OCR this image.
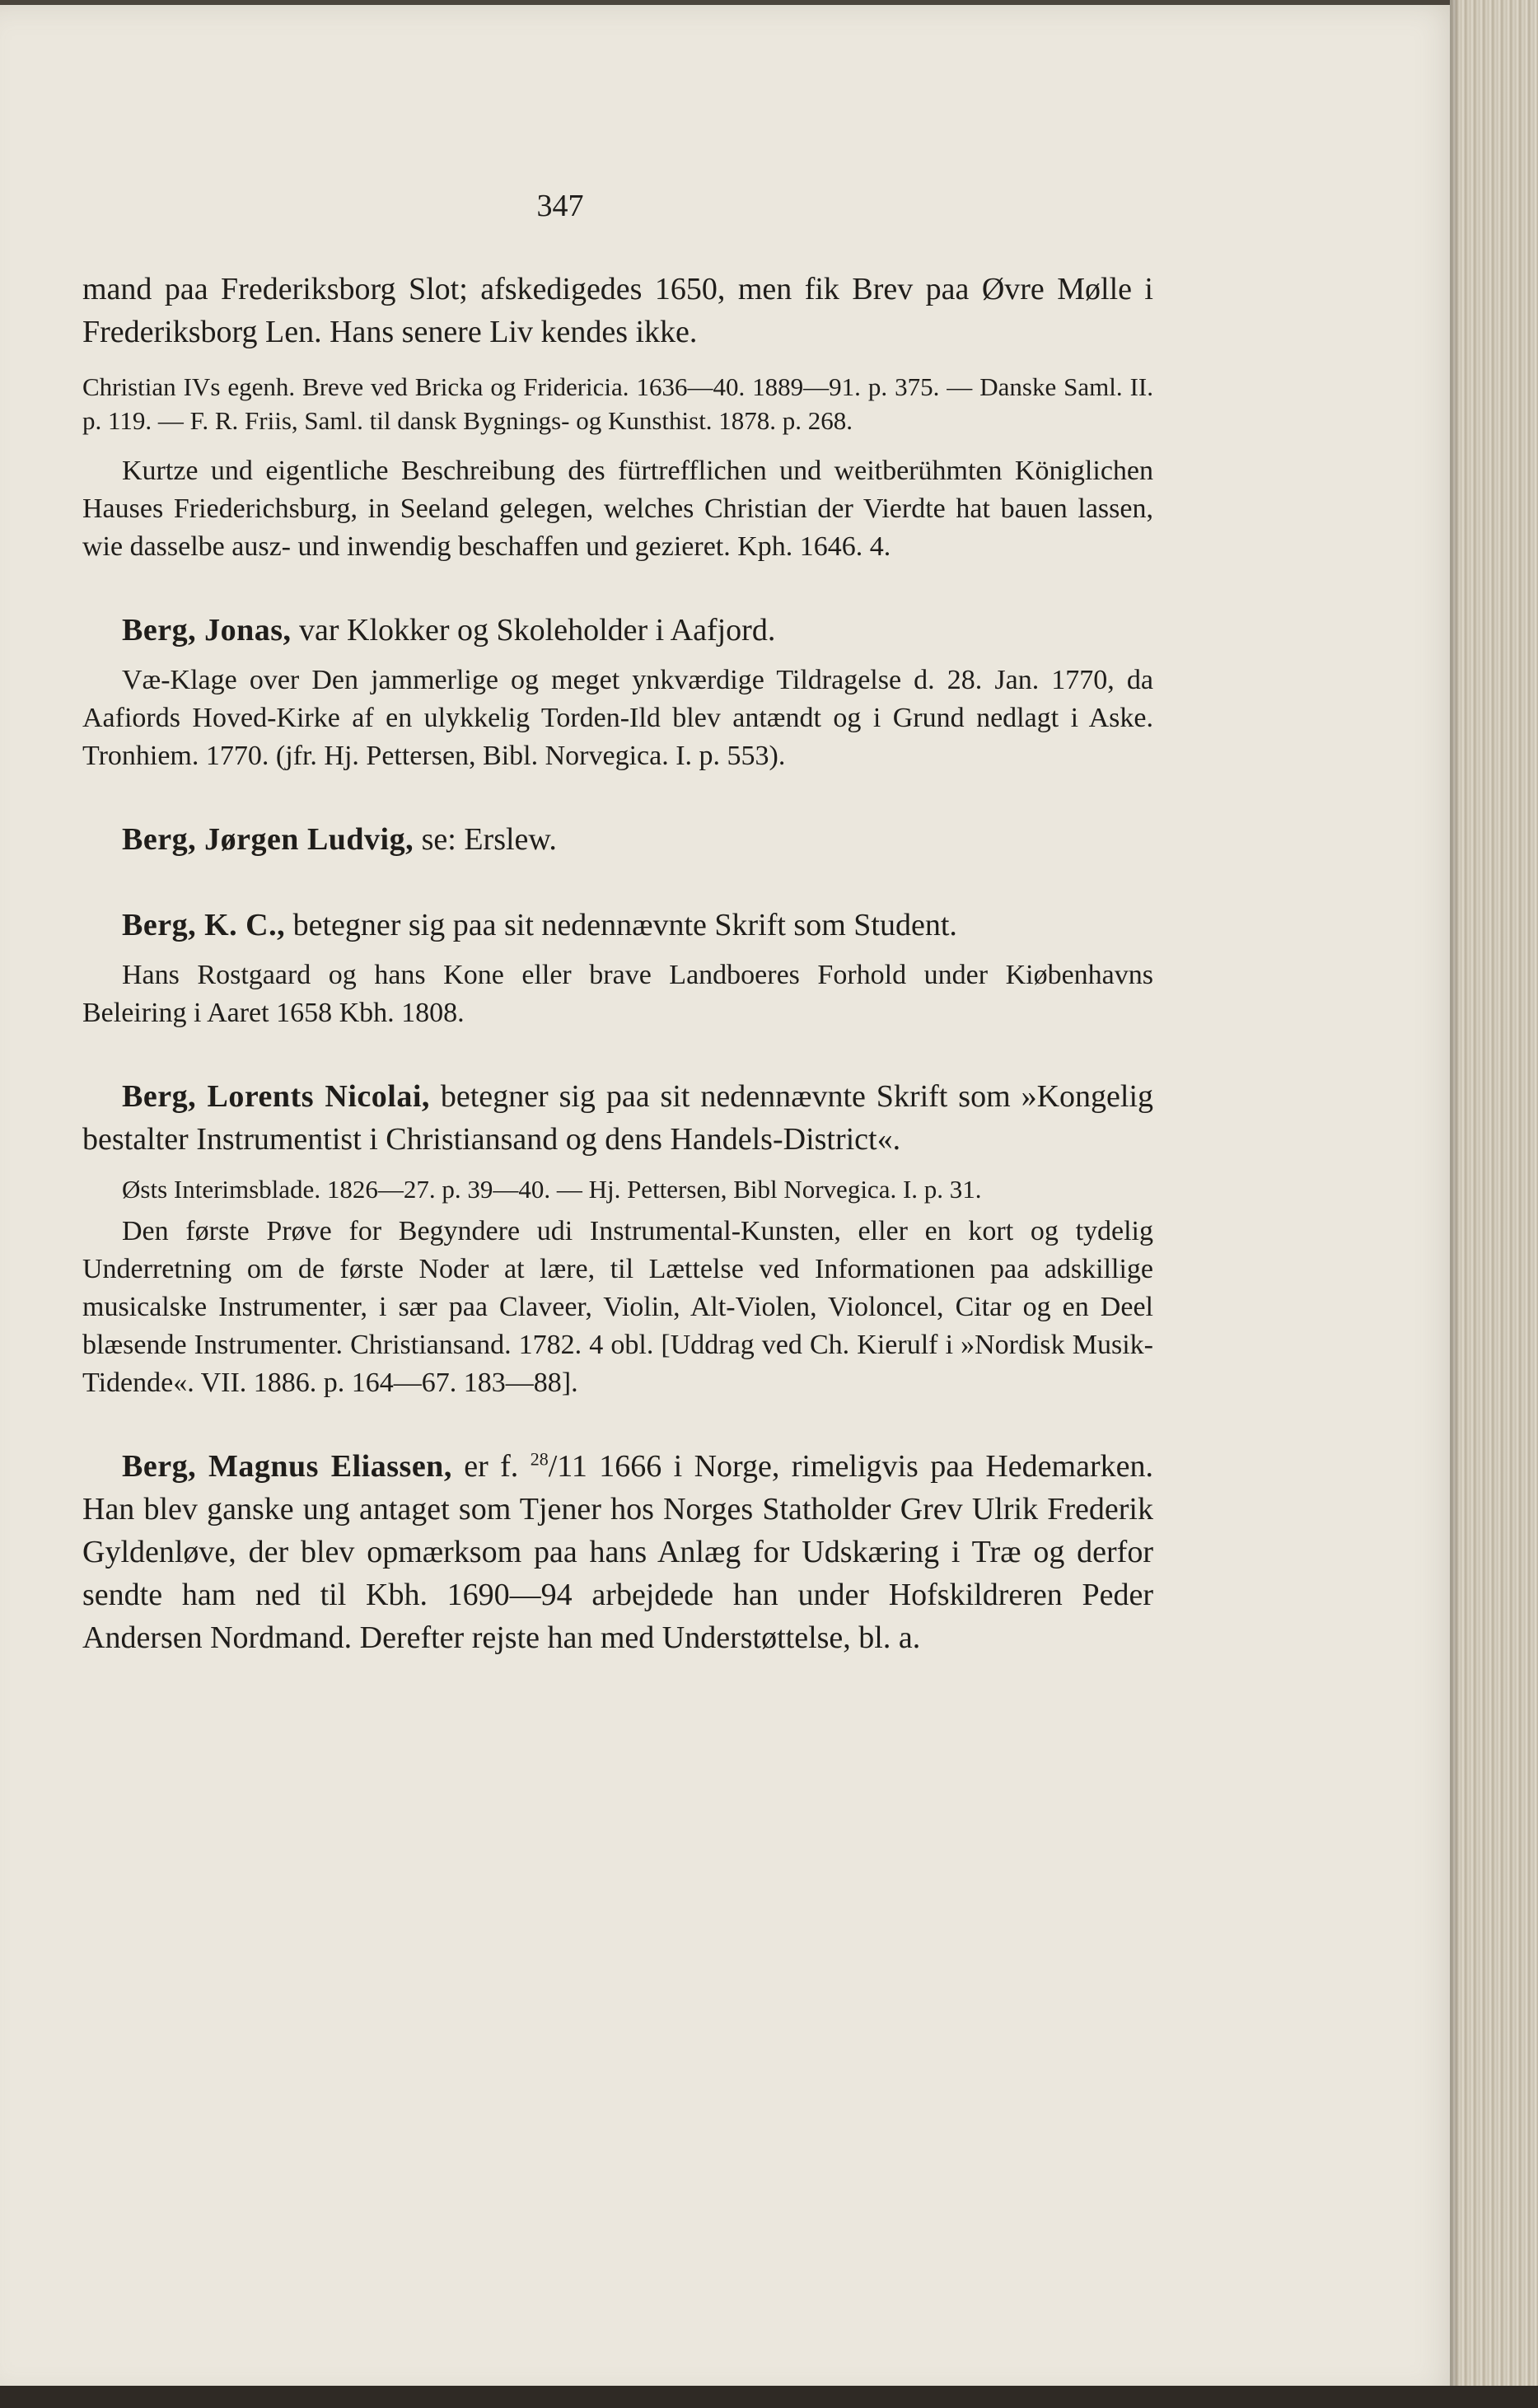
347

mand paa Frederiksborg Slot; afskedigedes 1650, men fik Brev paa Øvre Mølle i Frederiksborg Len. Hans senere Liv kendes ikke.

Christian IVs egenh. Breve ved Bricka og Fridericia. 1636—40. 1889—91. p. 375. — Danske Saml. II. p. 119. — F. R. Friis, Saml. til dansk Bygnings- og Kunsthist. 1878. p. 268.

Kurtze und eigentliche Beschreibung des fürtrefflichen und weitberühmten Königlichen Hauses Friederichsburg, in Seeland gelegen, welches Christian der Vierdte hat bauen lassen, wie dasselbe ausz- und inwendig beschaffen und gezieret. Kph. 1646. 4.

Berg, Jonas, var Klokker og Skoleholder i Aafjord.

Væ-Klage over Den jammerlige og meget ynkværdige Tildragelse d. 28. Jan. 1770, da Aafiords Hoved-Kirke af en ulykkelig Torden-Ild blev antændt og i Grund nedlagt i Aske. Tronhiem. 1770. (jfr. Hj. Pettersen, Bibl. Norvegica. I. p. 553).

Berg, Jørgen Ludvig, se: Erslew.

Berg, K. C., betegner sig paa sit nedennævnte Skrift som Student.

Hans Rostgaard og hans Kone eller brave Landboeres Forhold under Kiøbenhavns Beleiring i Aaret 1658 Kbh. 1808.

Berg, Lorents Nicolai, betegner sig paa sit nedennævnte Skrift som »Kongelig bestalter Instrumentist i Christiansand og dens Handels-District«.

Østs Interimsblade. 1826—27. p. 39—40. — Hj. Pettersen, Bibl Norvegica. I. p. 31.

Den første Prøve for Begyndere udi Instrumental-Kunsten, eller en kort og tydelig Underretning om de første Noder at lære, til Lættelse ved Informationen paa adskillige musicalske Instrumenter, i sær paa Claveer, Violin, Alt-Violen, Violoncel, Citar og en Deel blæsende Instrumenter. Christiansand. 1782. 4 obl. [Uddrag ved Ch. Kierulf i »Nordisk Musik-Tidende«. VII. 1886. p. 164—67. 183—88].

Berg, Magnus Eliassen, er f. $^{28}$/11 1666 i Norge, rimeligvis paa Hedemarken. Han blev ganske ung antaget som Tjener hos Norges Statholder Grev Ulrik Frederik Gyldenløve, der blev opmærksom paa hans Anlæg for Udskæring i Træ og derfor sendte ham ned til Kbh. 1690—94 arbejdede han under Hofskildreren Peder Andersen Nordmand. Derefter rejste han med Understøttelse, bl. a.
